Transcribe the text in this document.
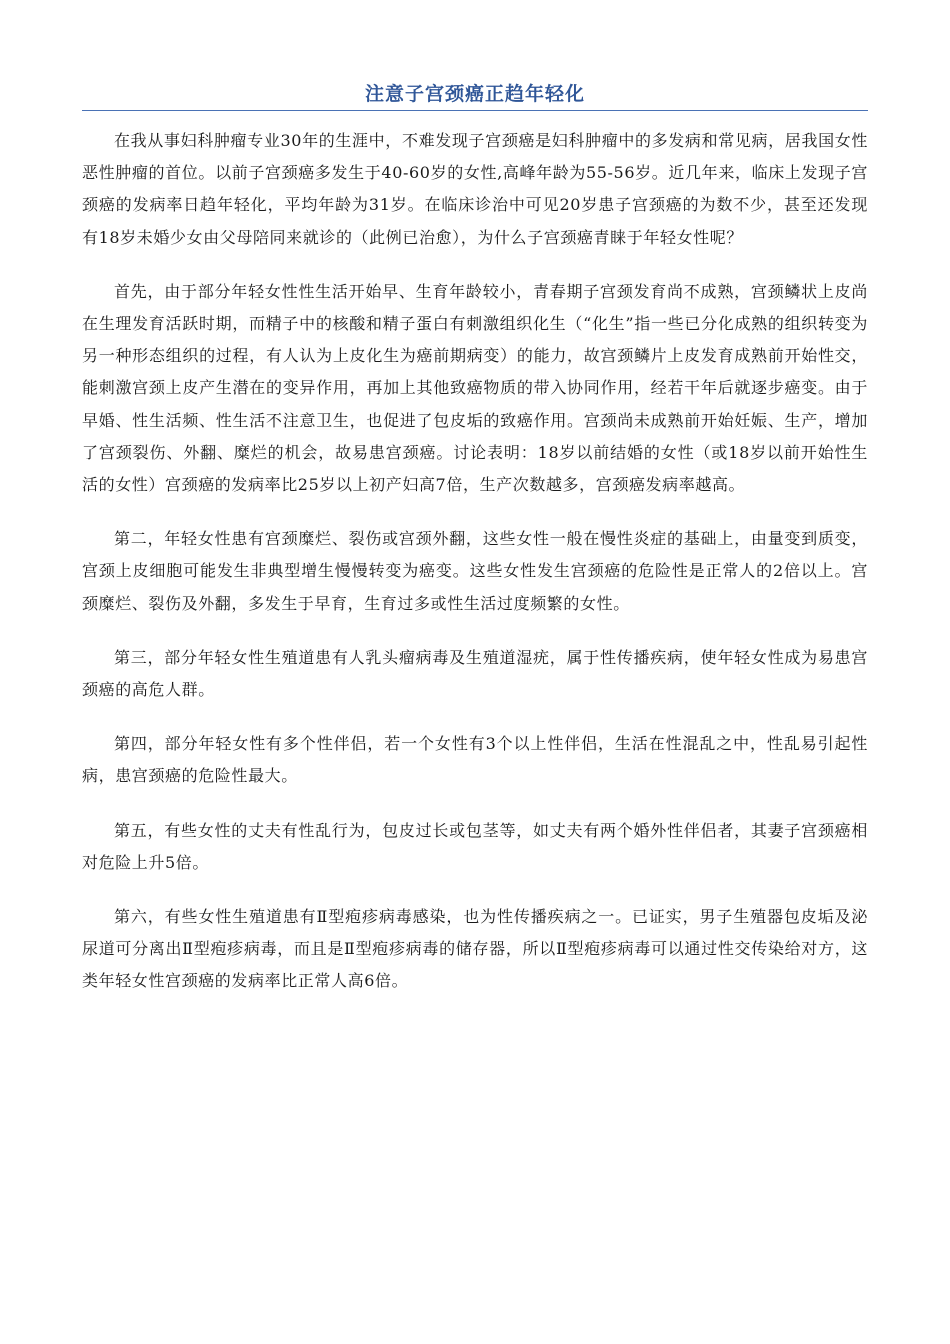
注意子宫颈癌正趋年轻化

在我从事妇科肿瘤专业30年的生涯中，不难发现子宫颈癌是妇科肿瘤中的多发病和常见病，居我国女性恶性肿瘤的首位。以前子宫颈癌多发生于40-60岁的女性,高峰年龄为55-56岁。近几年来，临床上发现子宫颈癌的发病率日趋年轻化，平均年龄为31岁。在临床诊治中可见20岁患子宫颈癌的为数不少，甚至还发现有18岁未婚少女由父母陪同来就诊的（此例已治愈），为什么子宫颈癌青睐于年轻女性呢？

首先，由于部分年轻女性性生活开始早、生育年龄较小，青春期子宫颈发育尚不成熟，宫颈鳞状上皮尚在生理发育活跃时期，而精子中的核酸和精子蛋白有刺激组织化生（“化生”指一些已分化成熟的组织转变为另一种形态组织的过程，有人认为上皮化生为癌前期病变）的能力，故宫颈鳞片上皮发育成熟前开始性交，能刺激宫颈上皮产生潜在的变异作用，再加上其他致癌物质的带入协同作用，经若干年后就逐步癌变。由于早婚、性生活频、性生活不注意卫生，也促进了包皮垢的致癌作用。宫颈尚未成熟前开始妊娠、生产，增加了宫颈裂伤、外翻、糜烂的机会，故易患宫颈癌。讨论表明：18岁以前结婚的女性（或18岁以前开始性生活的女性）宫颈癌的发病率比25岁以上初产妇高7倍，生产次数越多，宫颈癌发病率越高。

第二，年轻女性患有宫颈糜烂、裂伤或宫颈外翻，这些女性一般在慢性炎症的基础上，由量变到质变，宫颈上皮细胞可能发生非典型增生慢慢转变为癌变。这些女性发生宫颈癌的危险性是正常人的2倍以上。宫颈糜烂、裂伤及外翻，多发生于早育，生育过多或性生活过度频繁的女性。

第三，部分年轻女性生殖道患有人乳头瘤病毒及生殖道湿疣，属于性传播疾病，使年轻女性成为易患宫颈癌的高危人群。

第四，部分年轻女性有多个性伴侣，若一个女性有3个以上性伴侣，生活在性混乱之中，性乱易引起性病，患宫颈癌的危险性最大。

第五，有些女性的丈夫有性乱行为，包皮过长或包茎等，如丈夫有两个婚外性伴侣者，其妻子宫颈癌相对危险上升5倍。

第六，有些女性生殖道患有Ⅱ型疱疹病毒感染，也为性传播疾病之一。已证实，男子生殖器包皮垢及泌尿道可分离出Ⅱ型疱疹病毒，而且是Ⅱ型疱疹病毒的储存器，所以Ⅱ型疱疹病毒可以通过性交传染给对方，这类年轻女性宫颈癌的发病率比正常人高6倍。
